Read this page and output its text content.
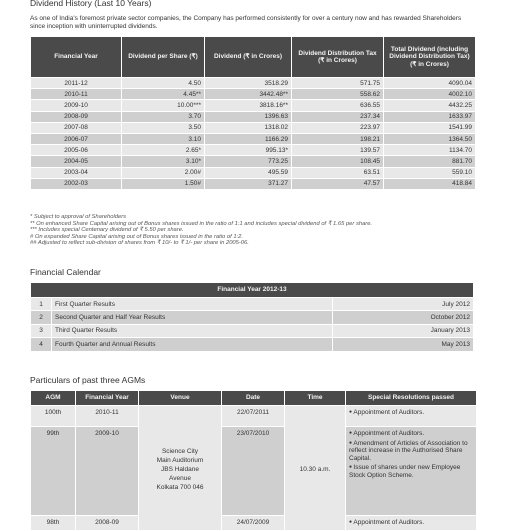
Dividend History (Last 10 Years)
As one of India's foremost private sector companies, the Company has performed consistently for over a century now and has rewarded Shareholders since inception with uninterrupted dividends.
Financial Year	Dividend per Share (₹)	Dividend (₹ in Crores)	Dividend Distribution Tax (₹ in Crores)	Total Dividend (including Dividend Distribution Tax) (₹ in Crores)
2011-12	4.50	3518.29	571.75	4090.04
2010-11	4.45**	3442.48**	558.62	4002.10
2009-10	10.00***	3818.16**	636.55	4432.25
2008-09	3.70	1396.63	237.34	1633.97
2007-08	3.50	1318.02	223.97	1541.99
2006-07	3.10	1166.29	198.21	1364.50
2005-06	2.65*	995.13*	139.57	1134.70
2004-05	3.10*	773.25	108.45	881.70
2003-04	2.00#	495.59	63.51	559.10
2002-03	1.50#	371.27	47.57	418.84
* Subject to approval of Shareholders
** On enhanced Share Capital arising out of Bonus shares issued in the ratio of 1:1 and includes special dividend of ₹ 1.65 per share.
*** Includes special Centenary dividend of ₹ 5.50 per share.
# On expanded Share Capital arising out of Bonus shares issued in the ratio of 1:2.
## Adjusted to reflect sub-division of shares from ₹ 10/- to ₹ 1/- per share in 2005-06.
Financial Calendar
Financial Year 2012-13		
1	First Quarter Results	July 2012
2	Second Quarter and Half Year Results	October 2012
3	Third Quarter Results	January 2013
4	Fourth Quarter and Annual Results	May 2013
Particulars of past three AGMs
AGM	Financial Year	Venue	Date	Time	Special Resolutions passed
100th	2010-11	Science City
Main Auditorium
JBS Haldane
Avenue
Kolkata 700 046	22/07/2011	10.30 a.m.	● Appointment of Auditors.

99th	2009-10		23/07/2010		● Appointment of Auditors.
● Amendment of Articles of Association to reflect increase in the Authorised Share Capital.
● Issue of shares under new Employee Stock Option Scheme.

98th	2008-09		24/07/2009		● Appointment of Auditors.
